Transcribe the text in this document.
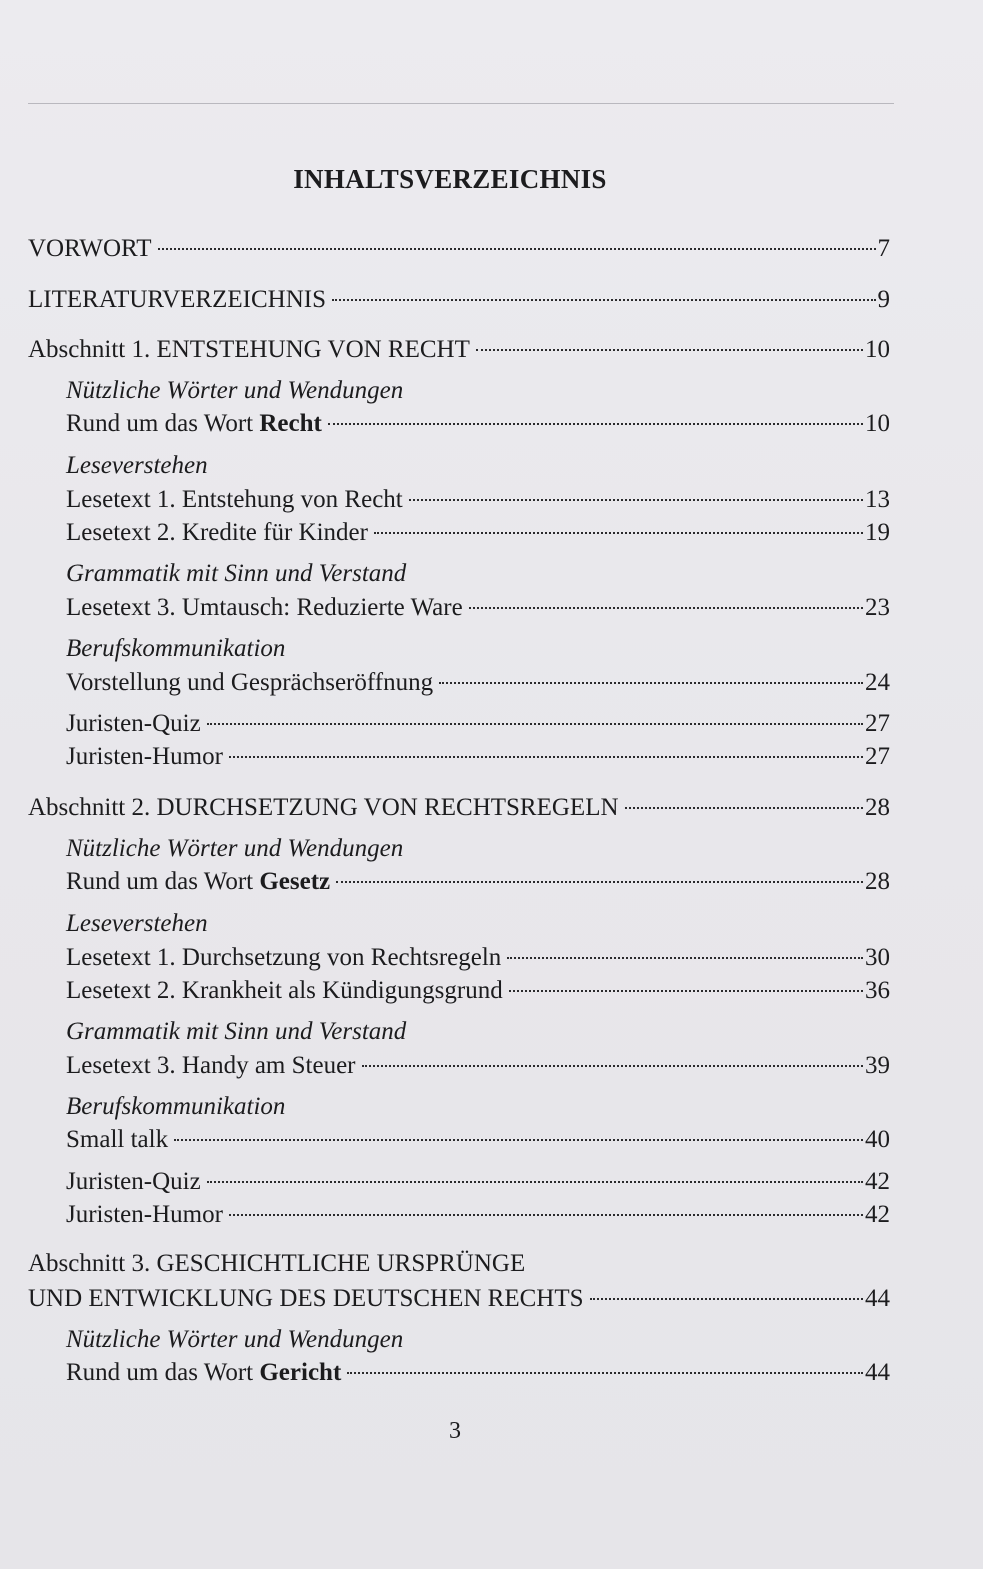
INHALTSVERZEICHNIS
VORWORT	7
LITERATURVERZEICHNIS	9
Abschnitt 1. ENTSTEHUNG VON RECHT	10
Nützliche Wörter und Wendungen
Rund um das Wort Recht	10
Leseverstehen
Lesetext 1. Entstehung von Recht	13
Lesetext 2. Kredite für Kinder	19
Grammatik mit Sinn und Verstand
Lesetext 3. Umtausch: Reduzierte Ware	23
Berufskommunikation
Vorstellung und Gesprächseröffnung	24
Juristen-Quiz	27
Juristen-Humor	27
Abschnitt 2. DURCHSETZUNG VON RECHTSREGELN	28
Nützliche Wörter und Wendungen
Rund um das Wort Gesetz	28
Leseverstehen
Lesetext 1. Durchsetzung von Rechtsregeln	30
Lesetext 2. Krankheit als Kündigungsgrund	36
Grammatik mit Sinn und Verstand
Lesetext 3. Handy am Steuer	39
Berufskommunikation
Small talk	40
Juristen-Quiz	42
Juristen-Humor	42
Abschnitt 3. GESCHICHTLICHE URSPRÜNGE
UND ENTWICKLUNG DES DEUTSCHEN RECHTS	44
Nützliche Wörter und Wendungen
Rund um das Wort Gericht	44
3
